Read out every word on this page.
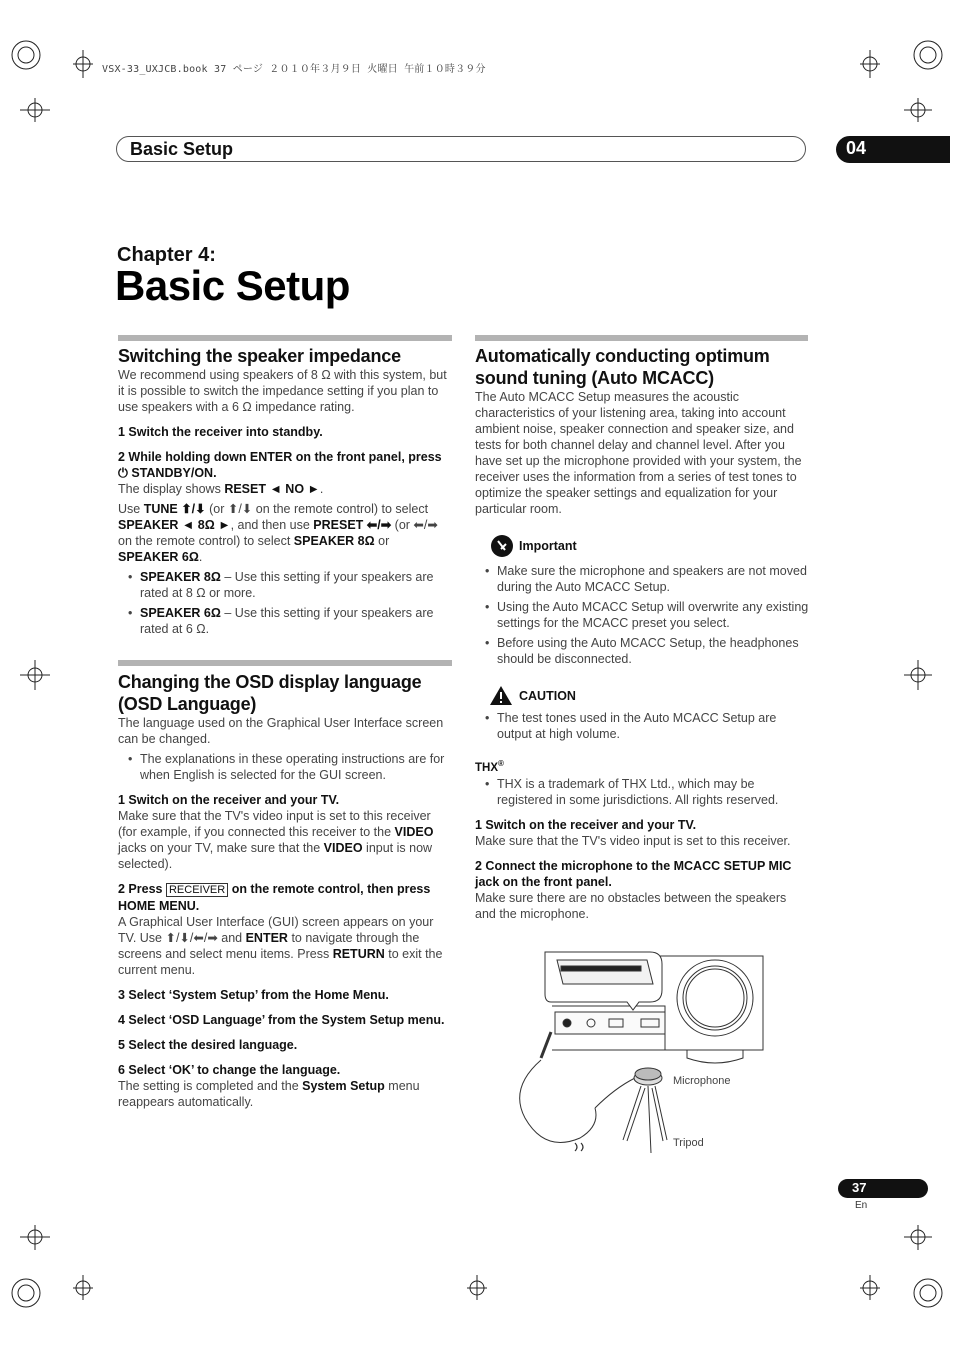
VSX-33_UXJCB.book 37 ページ ２０１０年３月９日 火曜日 午前１０時３９分
Basic Setup	04
Chapter 4:
Basic Setup
Switching the speaker impedance
We recommend using speakers of 8 Ω with this system, but it is possible to switch the impedance setting if you plan to use speakers with a 6 Ω impedance rating.
1 Switch the receiver into standby.
2 While holding down ENTER on the front panel, press ⏻ STANDBY/ON.
The display shows RESET ◄ NO ►.
Use TUNE ⬆/⬇ (or ⬆/⬇ on the remote control) to select SPEAKER ◄ 8Ω ►, and then use PRESET ⬅/➡ (or ⬅/➡ on the remote control) to select SPEAKER 8Ω or SPEAKER 6Ω.
• SPEAKER 8Ω – Use this setting if your speakers are rated at 8 Ω or more.
• SPEAKER 6Ω – Use this setting if your speakers are rated at 6 Ω.
Changing the OSD display language
(OSD Language)
The language used on the Graphical User Interface screen can be changed.
• The explanations in these operating instructions are for when English is selected for the GUI screen.
1 Switch on the receiver and your TV.
Make sure that the TV's video input is set to this receiver (for example, if you connected this receiver to the VIDEO jacks on your TV, make sure that the VIDEO input is now selected).
2 Press RECEIVER on the remote control, then press HOME MENU.
A Graphical User Interface (GUI) screen appears on your TV. Use ⬆/⬇/⬅/➡ and ENTER to navigate through the screens and select menu items. Press RETURN to exit the current menu.
3 Select ‘System Setup’ from the Home Menu.
4 Select ‘OSD Language’ from the System Setup menu.
5 Select the desired language.
6 Select ‘OK’ to change the language.
The setting is completed and the System Setup menu reappears automatically.
Automatically conducting optimum
sound tuning (Auto MCACC)
The Auto MCACC Setup measures the acoustic characteristics of your listening area, taking into account ambient noise, speaker connection and speaker size, and tests for both channel delay and channel level. After you have set up the microphone provided with your system, the receiver uses the information from a series of test tones to optimize the speaker settings and equalization for your particular room.
Important
• Make sure the microphone and speakers are not moved during the Auto MCACC Setup.
• Using the Auto MCACC Setup will overwrite any existing settings for the MCACC preset you select.
• Before using the Auto MCACC Setup, the headphones should be disconnected.
CAUTION
• The test tones used in the Auto MCACC Setup are output at high volume.
THX®
• THX is a trademark of THX Ltd., which may be registered in some jurisdictions. All rights reserved.
1 Switch on the receiver and your TV.
Make sure that the TV's video input is set to this receiver.
2 Connect the microphone to the MCACC SETUP MIC jack on the front panel.
Make sure there are no obstacles between the speakers and the microphone.
Microphone
Tripod
37
En
